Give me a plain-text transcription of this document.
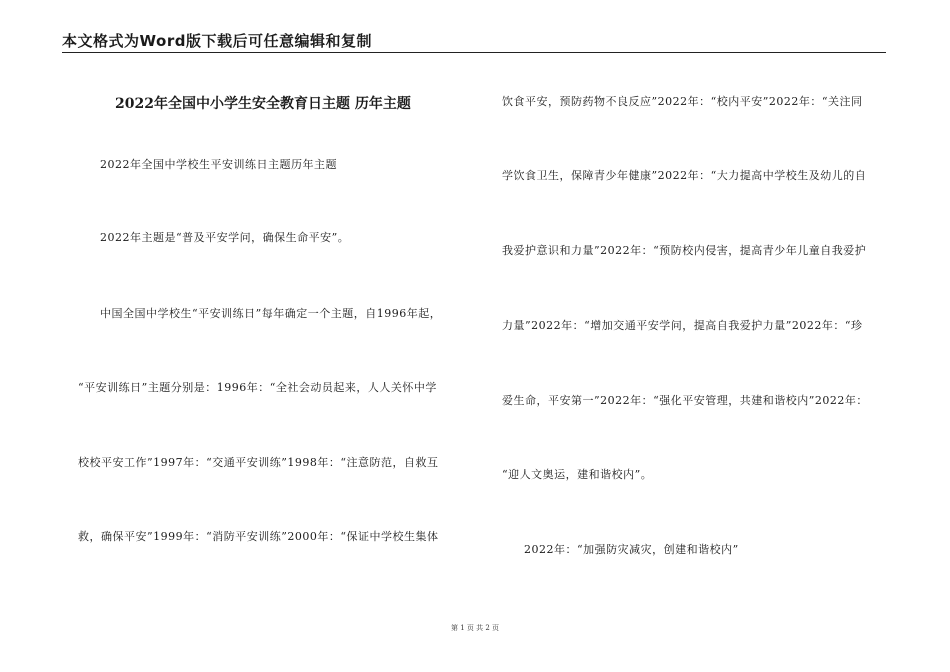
本文格式为Word版下载后可任意编辑和复制
2022年全国中小学生安全教育日主题 历年主题
2022年全国中学校生平安训练日主题历年主题
2022年主题是“普及平安学问，确保生命平安”。
中国全国中学校生“平安训练日”每年确定一个主题，自1996年起，
“平安训练日”主题分别是：1996年：“全社会动员起来，人人关怀中学
校校平安工作”1997年：“交通平安训练”1998年：“注意防范，自救互
救，确保平安”1999年：“消防平安训练”2000年：“保证中学校生集体
饮食平安，预防药物不良反应”2022年：“校内平安”2022年：“关注同
学饮食卫生，保障青少年健康”2022年：“大力提高中学校生及幼儿的自
我爱护意识和力量”2022年：“预防校内侵害，提高青少年儿童自我爱护
力量”2022年：“增加交通平安学问，提高自我爱护力量”2022年：“珍
爱生命，平安第一”2022年：“强化平安管理，共建和谐校内”2022年：
“迎人文奥运，建和谐校内”。
2022年：“加强防灾减灾，创建和谐校内”
第 1 页 共 2 页
